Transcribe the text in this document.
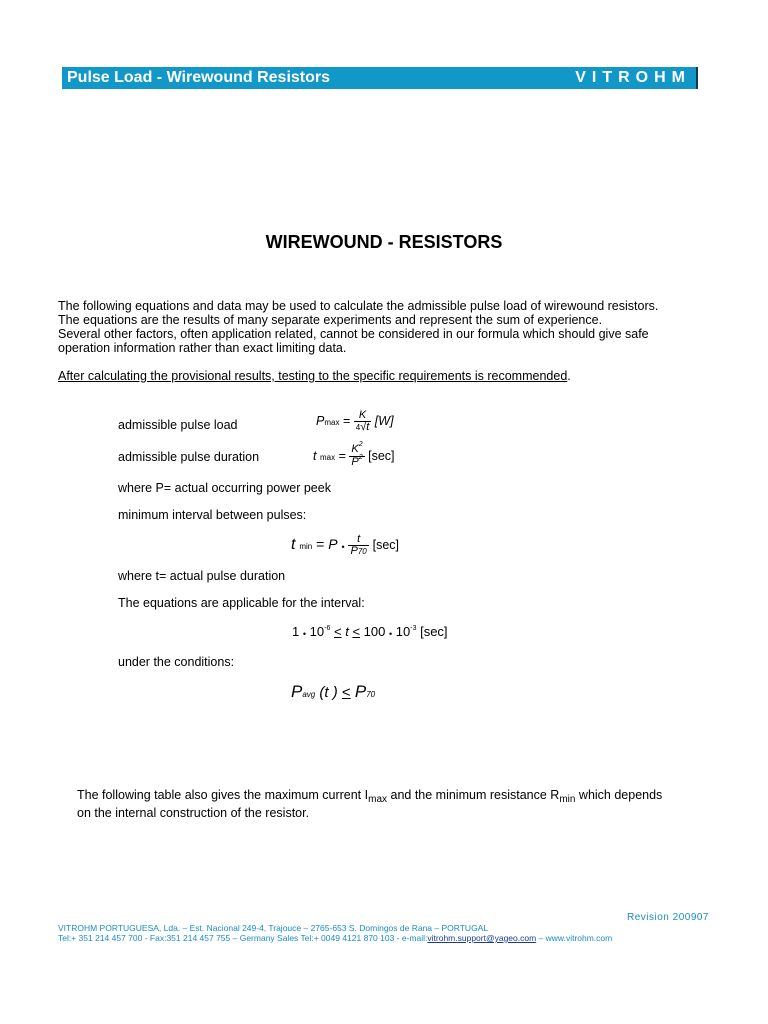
Pulse Load - Wirewound Resistors	VITROHM
WIREWOUND - RESISTORS
The following equations and data may be used to calculate the admissible pulse load of wirewound resistors.
The equations are the results of many separate experiments and represent the sum of experience.
Several other factors, often application related, cannot be considered in our formula which should give safe
operation information rather than exact limiting data.
After calculating the provisional results, testing to the specific requirements is recommended.
admissible pulse load	$Pmax = \frac{K}{4√t} [W]$
admissible pulse duration	t $\max = \frac{K^2}{P^2} [\sec]$
where P= actual occurring power peek
minimum interval between pulses:
t min = P • $\frac{t}{P70} [\sec]$
where t= actual pulse duration
The equations are applicable for the interval:
1 • $10^{-6} \le t \le 100$ • $10^{-3}$ [sec]
under the conditions:
Pavg (t ) ≤ P70
The following table also gives the maximum current $I_{max}$ and the minimum resistance $R_{min}$ which depends
on the internal construction of the resistor.
Revision 200907
VITROHM PORTUGUESA, Lda. – Est. Nacional 249-4, Trajouce – 2765-653 S. Domingos de Rana – PORTUGAL
Tel:+ 351 214 457 700 - Fax:351 214 457 755 – Germany Sales Tel:+ 0049 4121 870 103 - e-mail:vitrohm.support@yageo.com – www.vitrohm.com
